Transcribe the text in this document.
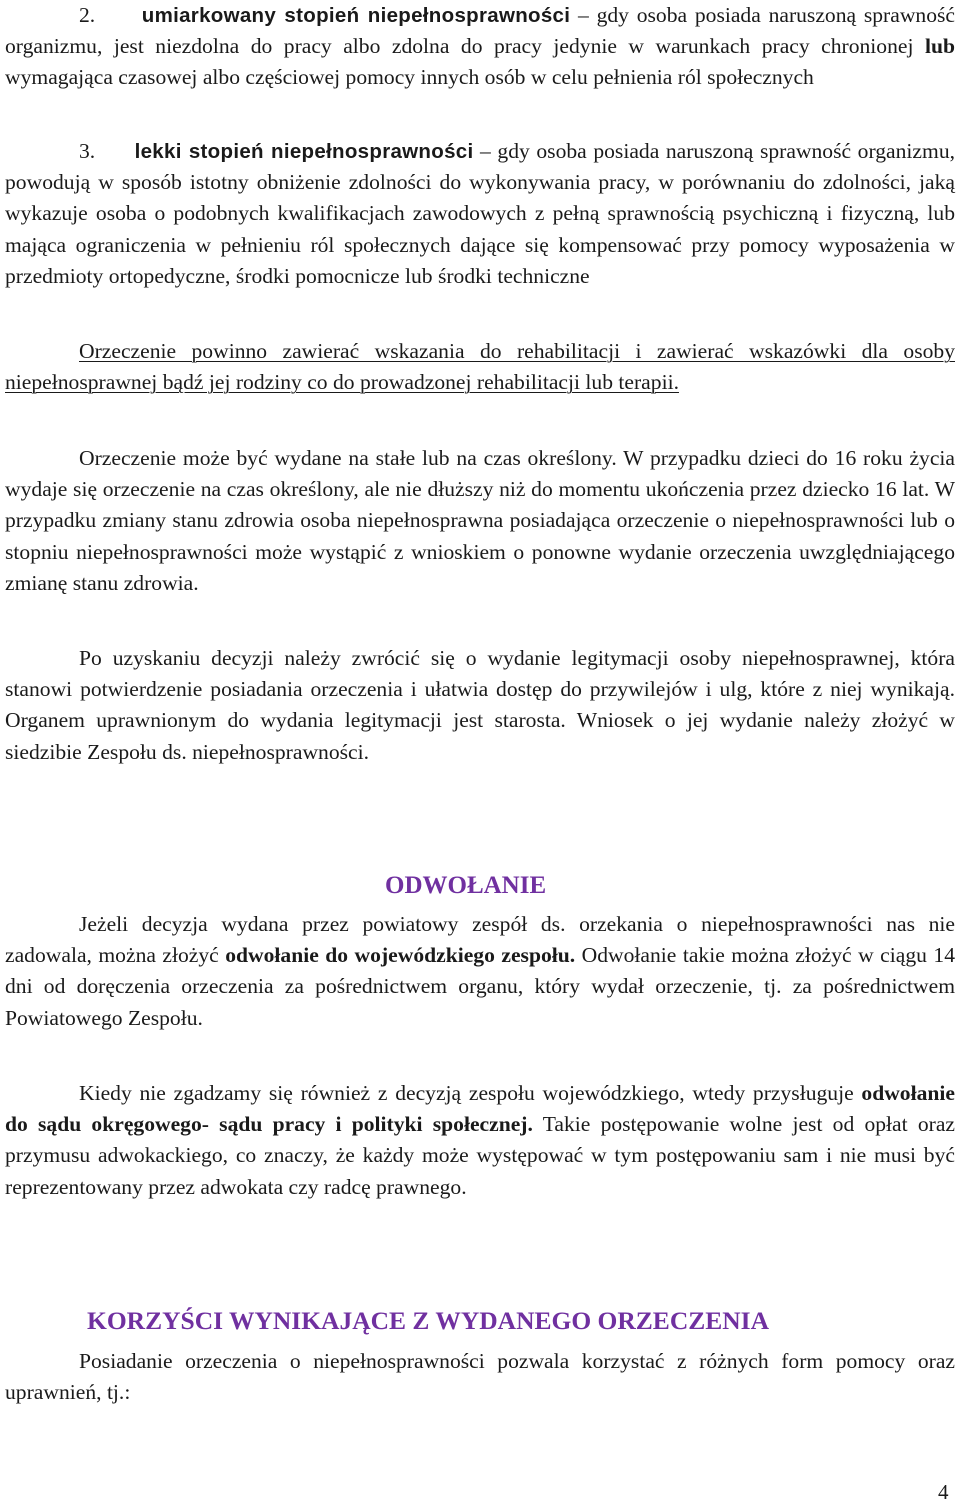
2. umiarkowany stopień niepełnosprawności – gdy osoba posiada naruszoną sprawność organizmu, jest niezdolna do pracy albo zdolna do pracy jedynie w warunkach pracy chronionej lub wymagająca czasowej albo częściowej pomocy innych osób w celu pełnienia ról społecznych

3. lekki stopień niepełnosprawności – gdy osoba posiada naruszoną sprawność organizmu, powodują w sposób istotny obniżenie zdolności do wykonywania pracy, w porównaniu do zdolności, jaką wykazuje osoba o podobnych kwalifikacjach zawodowych z pełną sprawnością psychiczną i fizyczną, lub mająca ograniczenia w pełnieniu ról społecznych dające się kompensować przy pomocy wyposażenia w przedmioty ortopedyczne, środki pomocnicze lub środki techniczne

Orzeczenie powinno zawierać wskazania do rehabilitacji i zawierać wskazówki dla osoby niepełnosprawnej bądź jej rodziny co do prowadzonej rehabilitacji lub terapii.

Orzeczenie może być wydane na stałe lub na czas określony. W przypadku dzieci do 16 roku życia wydaje się orzeczenie na czas określony, ale nie dłuższy niż do momentu ukończenia przez dziecko 16 lat. W przypadku zmiany stanu zdrowia osoba niepełnosprawna posiadająca orzeczenie o niepełnosprawności lub o stopniu niepełnosprawności może wystąpić z wnioskiem o ponowne wydanie orzeczenia uwzględniającego zmianę stanu zdrowia.

Po uzyskaniu decyzji należy zwrócić się o wydanie legitymacji osoby niepełnosprawnej, która stanowi potwierdzenie posiadania orzeczenia i ułatwia dostęp do przywilejów i ulg, które z niej wynikają. Organem uprawnionym do wydania legitymacji jest starosta. Wniosek o jej wydanie należy złożyć w siedzibie Zespołu ds. niepełnosprawności.

ODWOŁANIE

Jeżeli decyzja wydana przez powiatowy zespół ds. orzekania o niepełnosprawności nas nie zadowala, można złożyć odwołanie do wojewódzkiego zespołu. Odwołanie takie można złożyć w ciągu 14 dni od doręczenia orzeczenia za pośrednictwem organu, który wydał orzeczenie, tj. za pośrednictwem Powiatowego Zespołu.

Kiedy nie zgadzamy się również z decyzją zespołu wojewódzkiego, wtedy przysługuje odwołanie do sądu okręgowego- sądu pracy i polityki społecznej. Takie postępowanie wolne jest od opłat oraz przymusu adwokackiego, co znaczy, że każdy może występować w tym postępowaniu sam i nie musi być reprezentowany przez adwokata czy radcę prawnego.

KORZYŚCI WYNIKAJĄCE Z WYDANEGO ORZECZENIA

Posiadanie orzeczenia o niepełnosprawności pozwala korzystać z różnych form pomocy oraz uprawnień, tj.:

4
